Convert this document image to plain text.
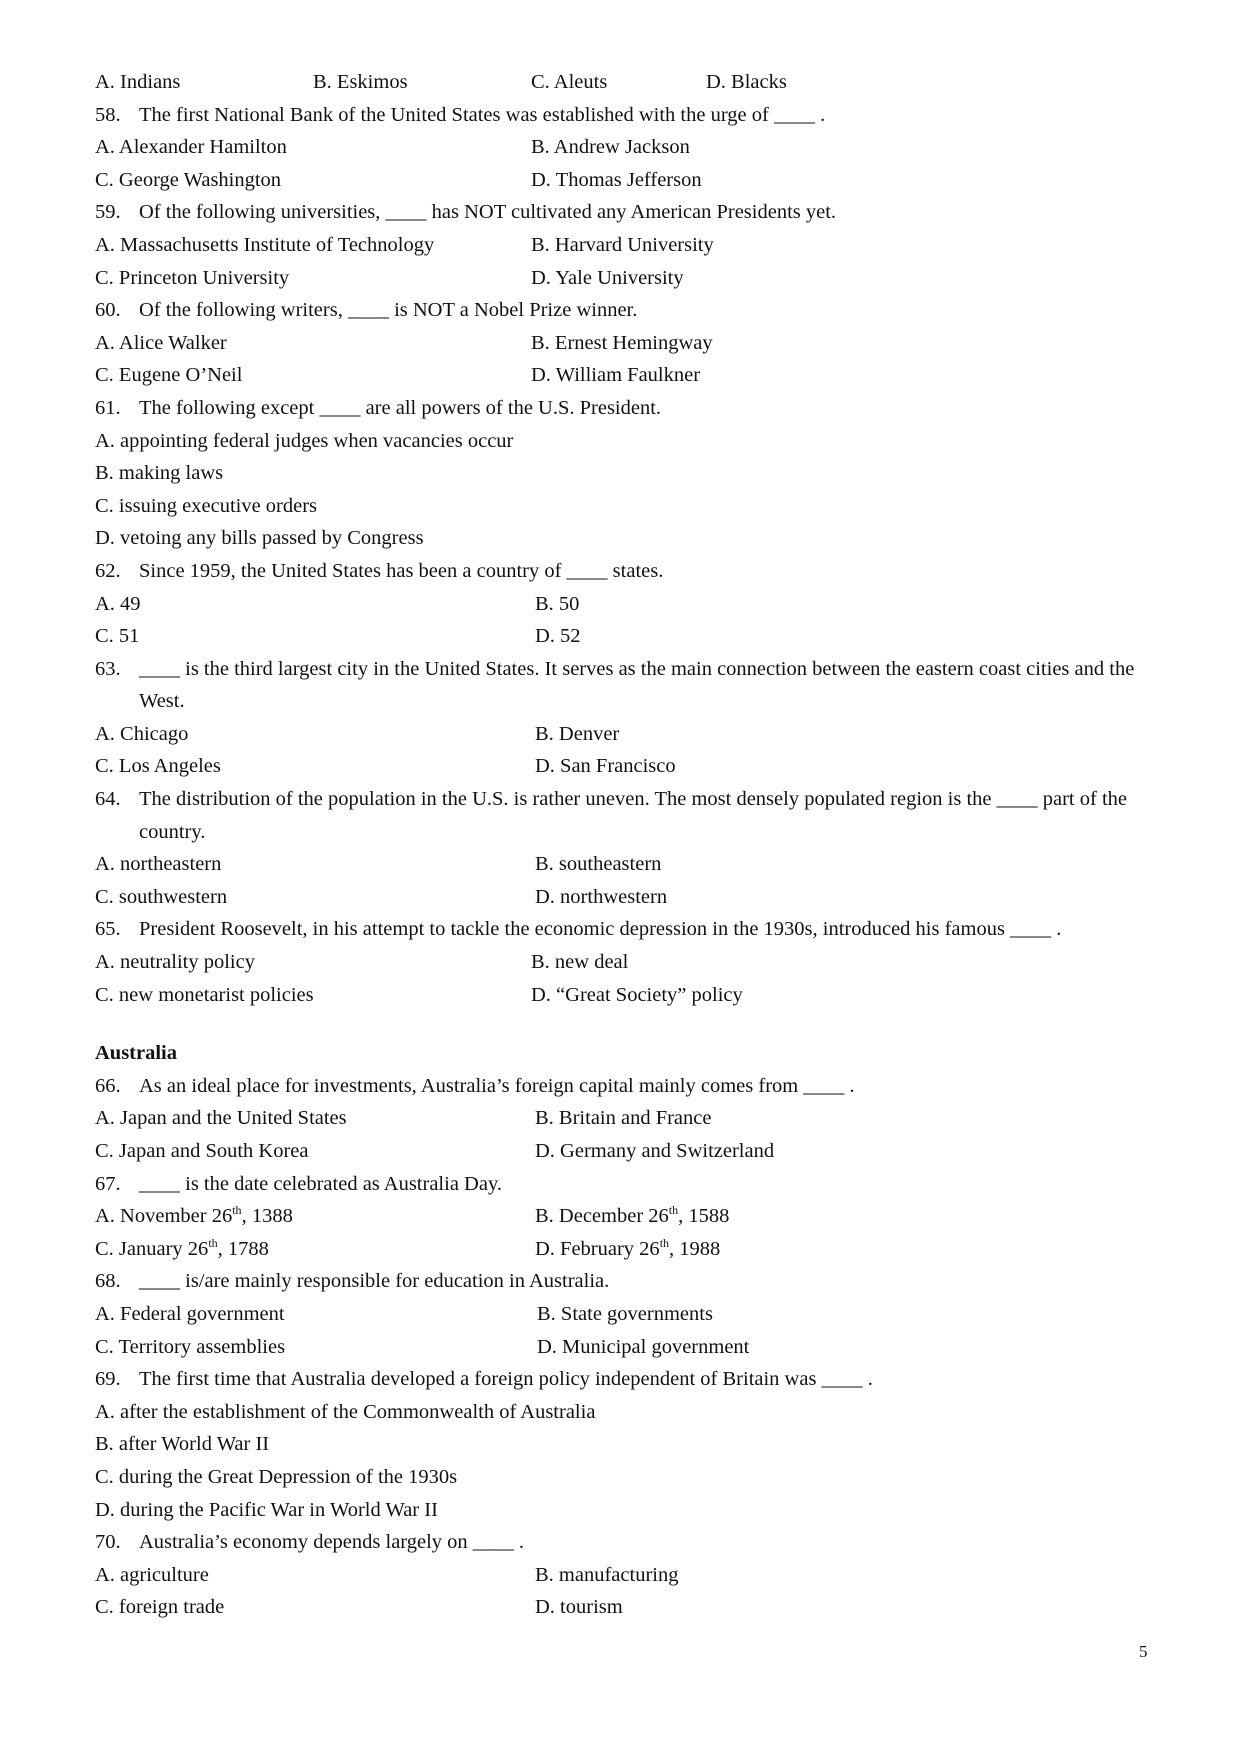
A. Indians	B. Eskimos	C. Aleuts	D. Blacks
58. The first National Bank of the United States was established with the urge of ____ .
A. Alexander Hamilton	B. Andrew Jackson
C. George Washington	D. Thomas Jefferson
59. Of the following universities, ____ has NOT cultivated any American Presidents yet.
A. Massachusetts Institute of Technology	B. Harvard University
C. Princeton University	D. Yale University
60. Of the following writers, ____ is NOT a Nobel Prize winner.
A. Alice Walker	B. Ernest Hemingway
C. Eugene O’Neil	D. William Faulkner
61. The following except ____ are all powers of the U.S. President.
A. appointing federal judges when vacancies occur
B. making laws
C. issuing executive orders
D. vetoing any bills passed by Congress
62. Since 1959, the United States has been a country of ____ states.
A. 49	B. 50
C. 51	D. 52
63. ____ is the third largest city in the United States. It serves as the main connection between the eastern coast cities and the West.
A. Chicago	B. Denver
C. Los Angeles	D. San Francisco
64. The distribution of the population in the U.S. is rather uneven. The most densely populated region is the ____ part of the country.
A. northeastern	B. southeastern
C. southwestern	D. northwestern
65. President Roosevelt, in his attempt to tackle the economic depression in the 1930s, introduced his famous ____ .
A. neutrality policy	B. new deal
C. new monetarist policies	D. “Great Society” policy
Australia
66. As an ideal place for investments, Australia’s foreign capital mainly comes from ____ .
A. Japan and the United States	B. Britain and France
C. Japan and South Korea	D. Germany and Switzerland
67. ____ is the date celebrated as Australia Day.
A. November 26th, 1388	B. December 26th, 1588
C. January 26th, 1788	D. February 26th, 1988
68. ____ is/are mainly responsible for education in Australia.
A. Federal government	B. State governments
C. Territory assemblies	D. Municipal government
69. The first time that Australia developed a foreign policy independent of Britain was ____ .
A. after the establishment of the Commonwealth of Australia
B. after World War II
C. during the Great Depression of the 1930s
D. during the Pacific War in World War II
70. Australia’s economy depends largely on ____ .
A. agriculture	B. manufacturing
C. foreign trade	D. tourism
5
